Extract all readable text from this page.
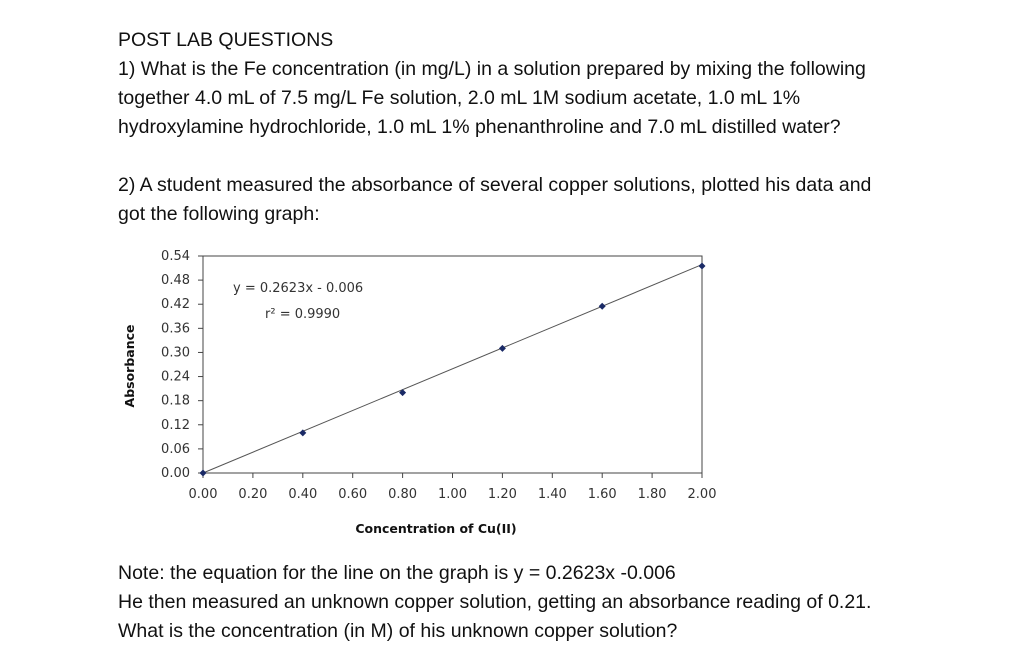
POST LAB QUESTIONS

1) What is the Fe concentration (in mg/L) in a solution prepared by mixing the following
together 4.0 mL of 7.5 mg/L Fe solution, 2.0 mL 1M sodium acetate, 1.0 mL 1%
hydroxylamine hydrochloride, 1.0 mL 1% phenanthroline and 7.0 mL distilled water?

2) A student measured the absorbance of several copper solutions, plotted his data and
got the following graph:

0.54
0.48
0.42
0.36
0.30
0.24
0.18
0.12
0.06
0.00
0.00 0.20 0.40 0.60 0.80 1.00 1.20 1.40 1.60 1.80 2.00
y = 0.2623x - 0.006
r² = 0.9990
Concentration of Cu(II)
Absorbance

Note: the equation for the line on the graph is y = 0.2623x -0.006
He then measured an unknown copper solution, getting an absorbance reading of 0.21.
What is the concentration (in M) of his unknown copper solution?
